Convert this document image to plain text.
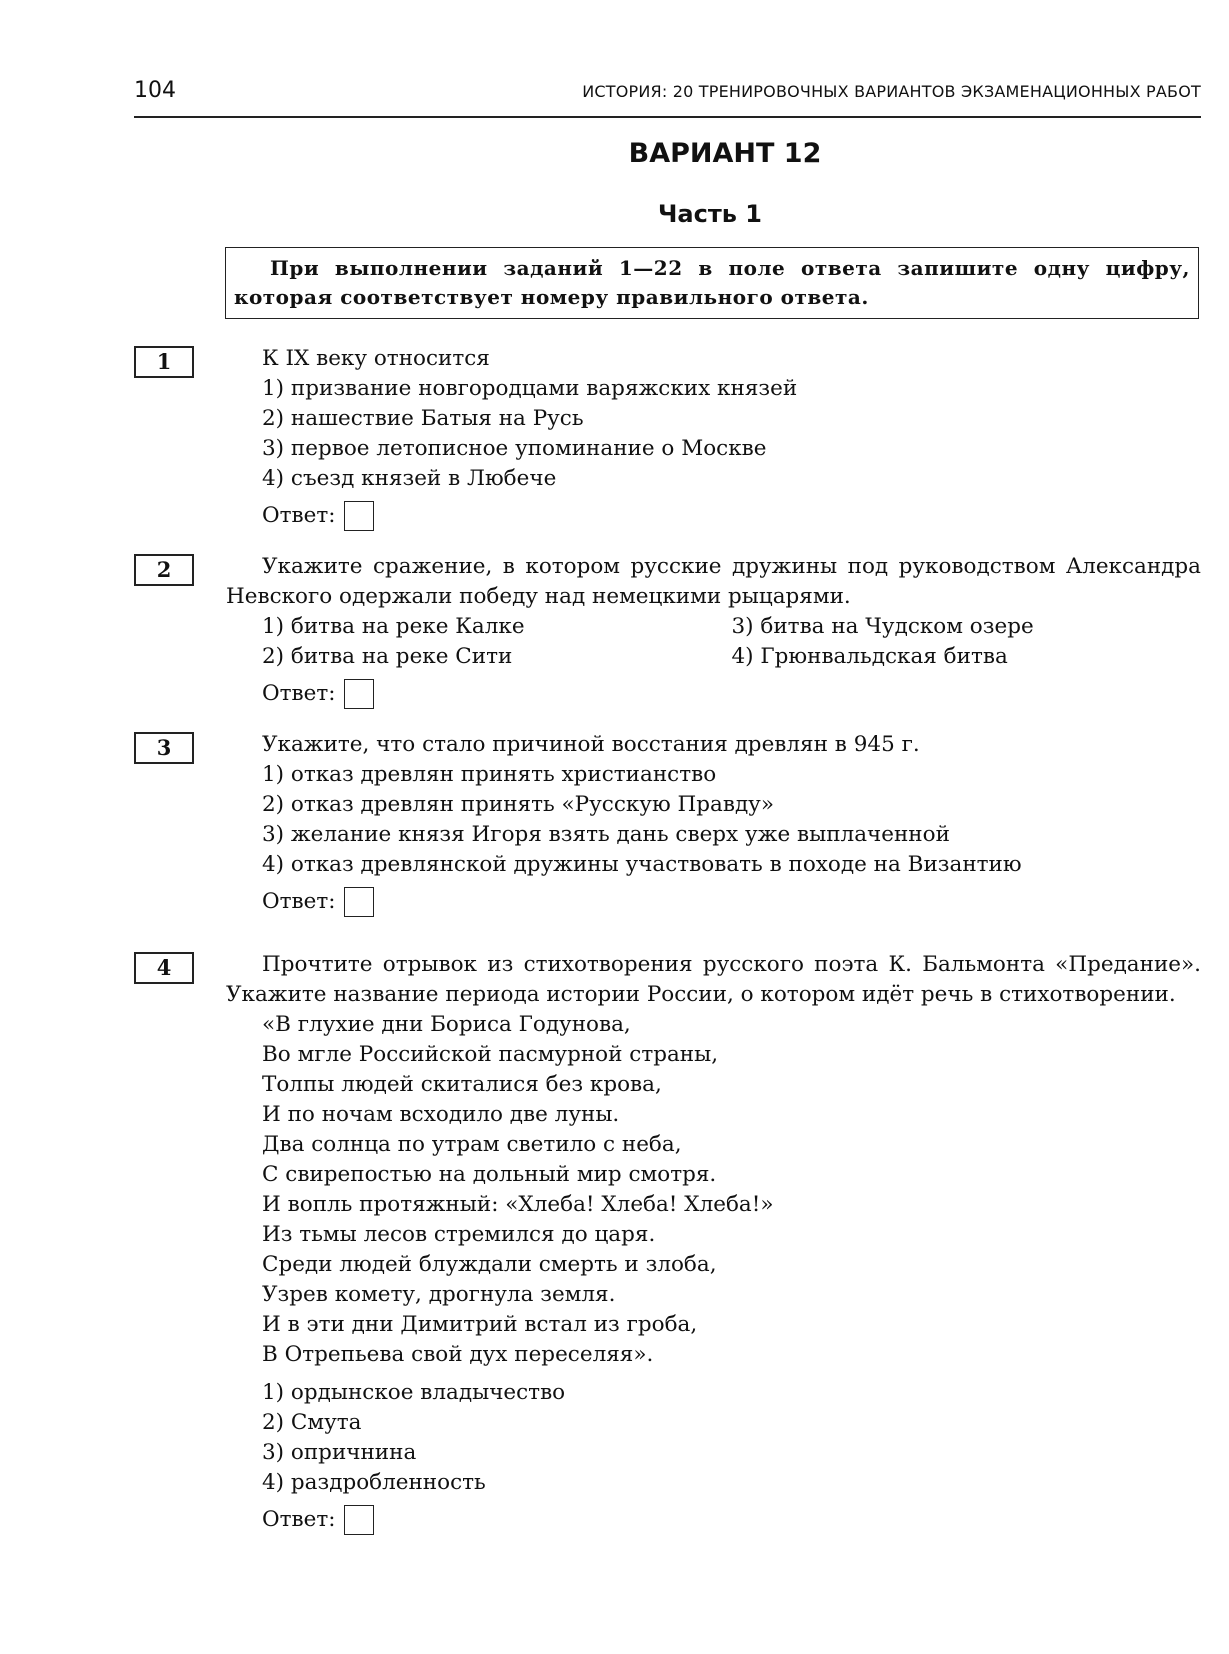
104	ИСТОРИЯ: 20 ТРЕНИРОВОЧНЫХ ВАРИАНТОВ ЭКЗАМЕНАЦИОННЫХ РАБОТ
ВАРИАНТ 12
Часть 1
При выполнении заданий 1—22 в поле ответа запишите одну цифру, которая соответствует номеру правильного ответа.
1	К IX веку относится
1) призвание новгородцами варяжских князей
2) нашествие Батыя на Русь
3) первое летописное упоминание о Москве
4) съезд князей в Любече
Ответ:
2	Укажите сражение, в котором русские дружины под руководством Александра Невского одержали победу над немецкими рыцарями.
1) битва на реке Калке	3) битва на Чудском озере
2) битва на реке Сити	4) Грюнвальдская битва
Ответ:
3	Укажите, что стало причиной восстания древлян в 945 г.
1) отказ древлян принять христианство
2) отказ древлян принять «Русскую Правду»
3) желание князя Игоря взять дань сверх уже выплаченной
4) отказ древлянской дружины участвовать в походе на Византию
Ответ:
4	Прочтите отрывок из стихотворения русского поэта К. Бальмонта «Предание». Укажите название периода истории России, о котором идёт речь в стихотворении.
«В глухие дни Бориса Годунова,
Во мгле Российской пасмурной страны,
Толпы людей скиталися без крова,
И по ночам всходило две луны.
Два солнца по утрам светило с неба,
С свирепостью на дольный мир смотря.
И вопль протяжный: «Хлеба! Хлеба! Хлеба!»
Из тьмы лесов стремился до царя.
Среди людей блуждали смерть и злоба,
Узрев комету, дрогнула земля.
И в эти дни Димитрий встал из гроба,
В Отрепьева свой дух переселяя».
1) ордынское владычество
2) Смута
3) опричнина
4) раздробленность
Ответ:
